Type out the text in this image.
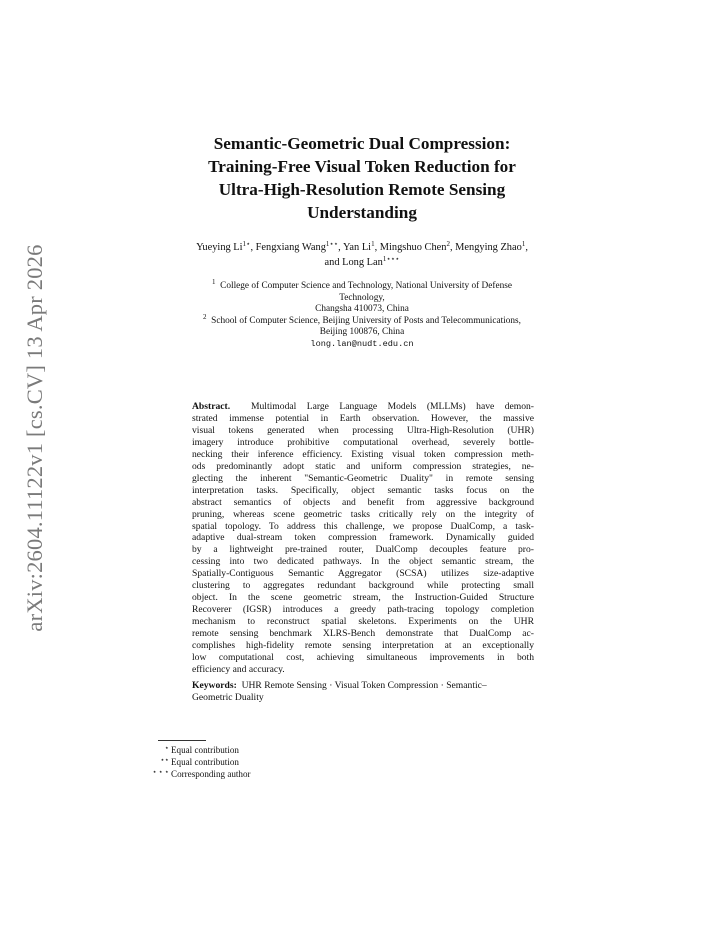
arXiv:2604.11122v1 [cs.CV] 13 Apr 2026
Semantic-Geometric Dual Compression:
Training-Free Visual Token Reduction for
Ultra-High-Resolution Remote Sensing
Understanding
Yueying $Li^{1⋆}$, Fengxiang Wang$^{1⋆⋆}$, Yan Li$^1$, Mingshuo Chen$^2$, Mengying Zhao$^1$,
and Long Lan$^{1⋆⋆⋆}$
$^1$ College of Computer Science and Technology, National University of Defense
Technology,
Changsha 410073, China
$^2$ School of Computer Science, Beijing University of Posts and Telecommunications,
Beijing 100876, China
long.lan@nudt.edu.cn
Abstract. Multimodal Large Language Models (MLLMs) have demon-
strated immense potential in Earth observation. However, the massive
visual tokens generated when processing Ultra-High-Resolution (UHR)
imagery introduce prohibitive computational overhead, severely bottle-
necking their inference efficiency. Existing visual token compression meth-
ods predominantly adopt static and uniform compression strategies, ne-
glecting the inherent "Semantic-Geometric Duality" in remote sensing
interpretation tasks. Specifically, object semantic tasks focus on the
abstract semantics of objects and benefit from aggressive background
pruning, whereas scene geometric tasks critically rely on the integrity of
spatial topology. To address this challenge, we propose DualComp, a task-
adaptive dual-stream token compression framework. Dynamically guided
by a lightweight pre-trained router, DualComp decouples feature pro-
cessing into two dedicated pathways. In the object semantic stream, the
Spatially-Contiguous Semantic Aggregator (SCSA) utilizes size-adaptive
clustering to aggregates redundant background while protecting small
object. In the scene geometric stream, the Instruction-Guided Structure
Recoverer (IGSR) introduces a greedy path-tracing topology completion
mechanism to reconstruct spatial skeletons. Experiments on the UHR
remote sensing benchmark XLRS-Bench demonstrate that DualComp ac-
complishes high-fidelity remote sensing interpretation at an exceptionally
low computational cost, achieving simultaneous improvements in both
efficiency and accuracy.
Keywords: UHR Remote Sensing · Visual Token Compression · Semantic–
Geometric Duality
⋆ Equal contribution
⋆⋆ Equal contribution
⋆ ⋆ ⋆ Corresponding author
